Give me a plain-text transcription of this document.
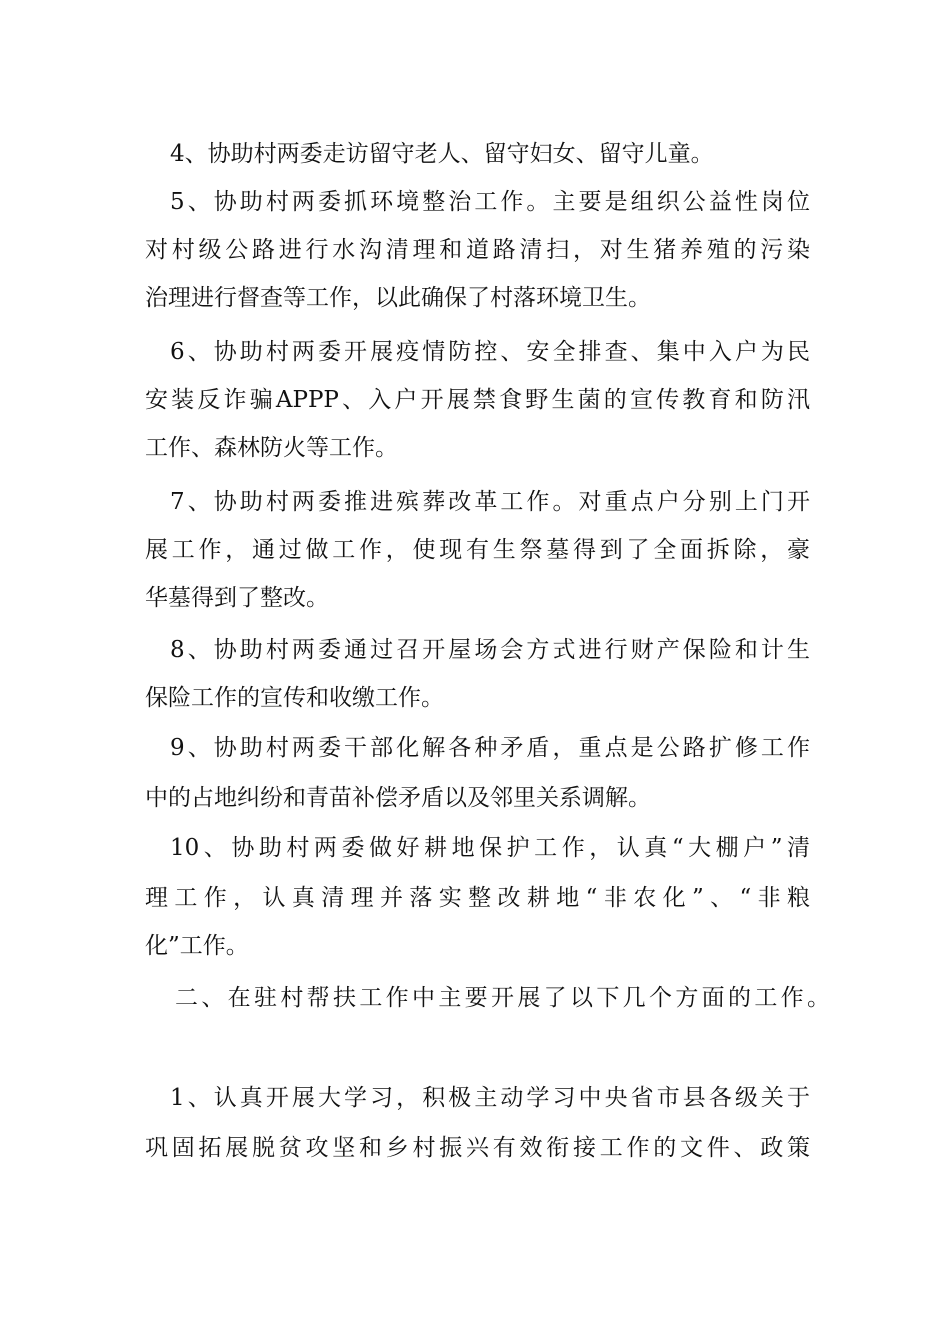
4、协助村两委走访留守老人、留守妇女、留守儿童。

5、协助村两委抓环境整治工作。主要是组织公益性岗位

对村级公路进行水沟清理和道路清扫，对生猪养殖的污染

治理进行督查等工作，以此确保了村落环境卫生。

6、协助村两委开展疫情防控、安全排查、集中入户为民

安装反诈骗APPP、入户开展禁食野生菌的宣传教育和防汛

工作、森林防火等工作。

7、协助村两委推进殡葬改革工作。对重点户分别上门开

展工作，通过做工作，使现有生祭墓得到了全面拆除，豪

华墓得到了整改。

8、协助村两委通过召开屋场会方式进行财产保险和计生

保险工作的宣传和收缴工作。

9、协助村两委干部化解各种矛盾，重点是公路扩修工作

中的占地纠纷和青苗补偿矛盾以及邻里关系调解。

10、协助村两委做好耕地保护工作，认真“大棚户”清

理工作，认真清理并落实整改耕地“非农化”、“非粮

化”工作。

二、在驻村帮扶工作中主要开展了以下几个方面的工作。

1、认真开展大学习，积极主动学习中央省市县各级关于

巩固拓展脱贫攻坚和乡村振兴有效衔接工作的文件、政策
